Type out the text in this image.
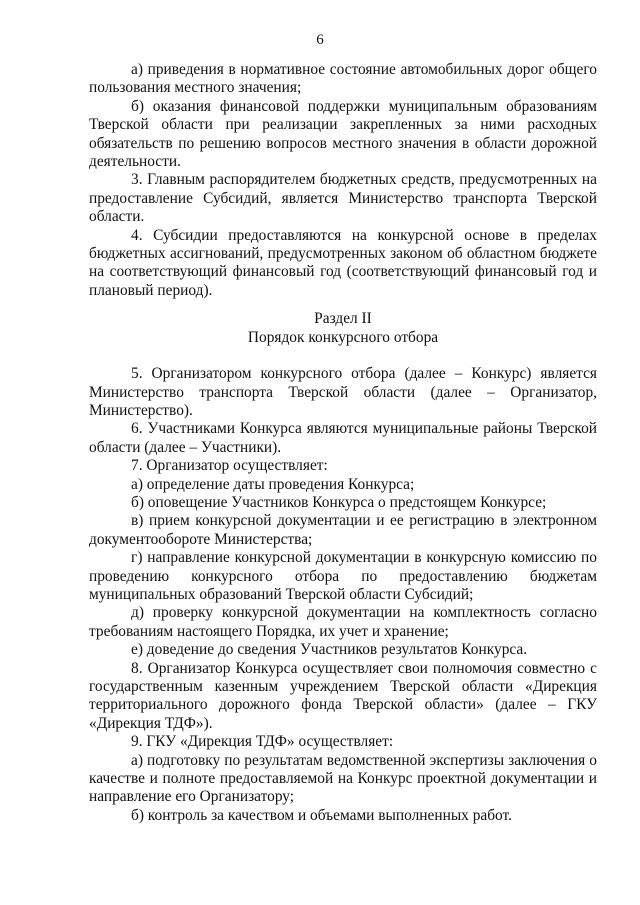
6

а) приведения в нормативное состояние автомобильных дорог общего пользования местного значения;

б) оказания финансовой поддержки муниципальным образованиям Тверской области при реализации закрепленных за ними расходных обязательств по решению вопросов местного значения в области дорожной деятельности.

3. Главным распорядителем бюджетных средств, предусмотренных на предоставление Субсидий, является Министерство транспорта Тверской области.

4. Субсидии предоставляются на конкурсной основе в пределах бюджетных ассигнований, предусмотренных законом об областном бюджете на соответствующий финансовый год (соответствующий финансовый год и плановый период).

Раздел II

Порядок конкурсного отбора

5. Организатором конкурсного отбора (далее – Конкурс) является Министерство транспорта Тверской области (далее – Организатор, Министерство).

6. Участниками Конкурса являются муниципальные районы Тверской области (далее – Участники).

7. Организатор осуществляет:

а) определение даты проведения Конкурса;

б) оповещение Участников Конкурса о предстоящем Конкурсе;

в) прием конкурсной документации и ее регистрацию в электронном документообороте Министерства;

г) направление конкурсной документации в конкурсную комиссию по проведению конкурсного отбора по предоставлению бюджетам муниципальных образований Тверской области Субсидий;

д) проверку конкурсной документации на комплектность согласно требованиям настоящего Порядка, их учет и хранение;

е) доведение до сведения Участников результатов Конкурса.

8. Организатор Конкурса осуществляет свои полномочия совместно с государственным казенным учреждением Тверской области «Дирекция территориального дорожного фонда Тверской области» (далее – ГКУ «Дирекция ТДФ»).

9. ГКУ «Дирекция ТДФ» осуществляет:

а) подготовку по результатам ведомственной экспертизы заключения о качестве и полноте предоставляемой на Конкурс проектной документации и направление его Организатору;

б) контроль за качеством и объемами выполненных работ.
